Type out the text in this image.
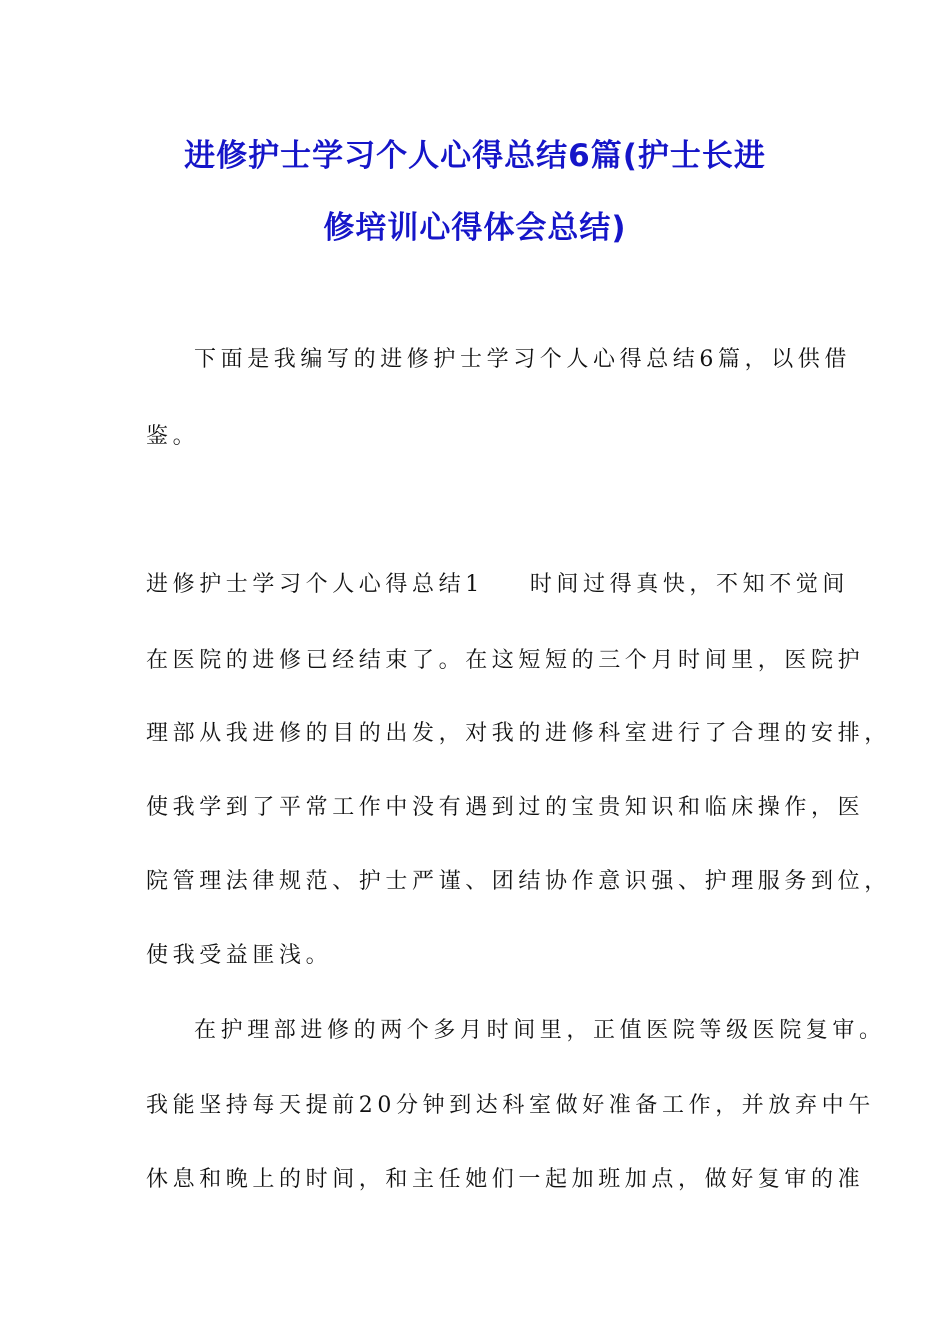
进修护士学习个人心得总结6篇(护士长进
修培训心得体会总结)
下面是我编写的进修护士学习个人心得总结6篇，以供借
鉴。
进修护士学习个人心得总结1 时间过得真快，不知不觉间
在医院的进修已经结束了。在这短短的三个月时间里，医院护
理部从我进修的目的出发，对我的进修科室进行了合理的安排，
使我学到了平常工作中没有遇到过的宝贵知识和临床操作，医
院管理法律规范、护士严谨、团结协作意识强、护理服务到位，
使我受益匪浅。
在护理部进修的两个多月时间里，正值医院等级医院复审。
我能坚持每天提前20分钟到达科室做好准备工作，并放弃中午
休息和晚上的时间，和主任她们一起加班加点，做好复审的准
